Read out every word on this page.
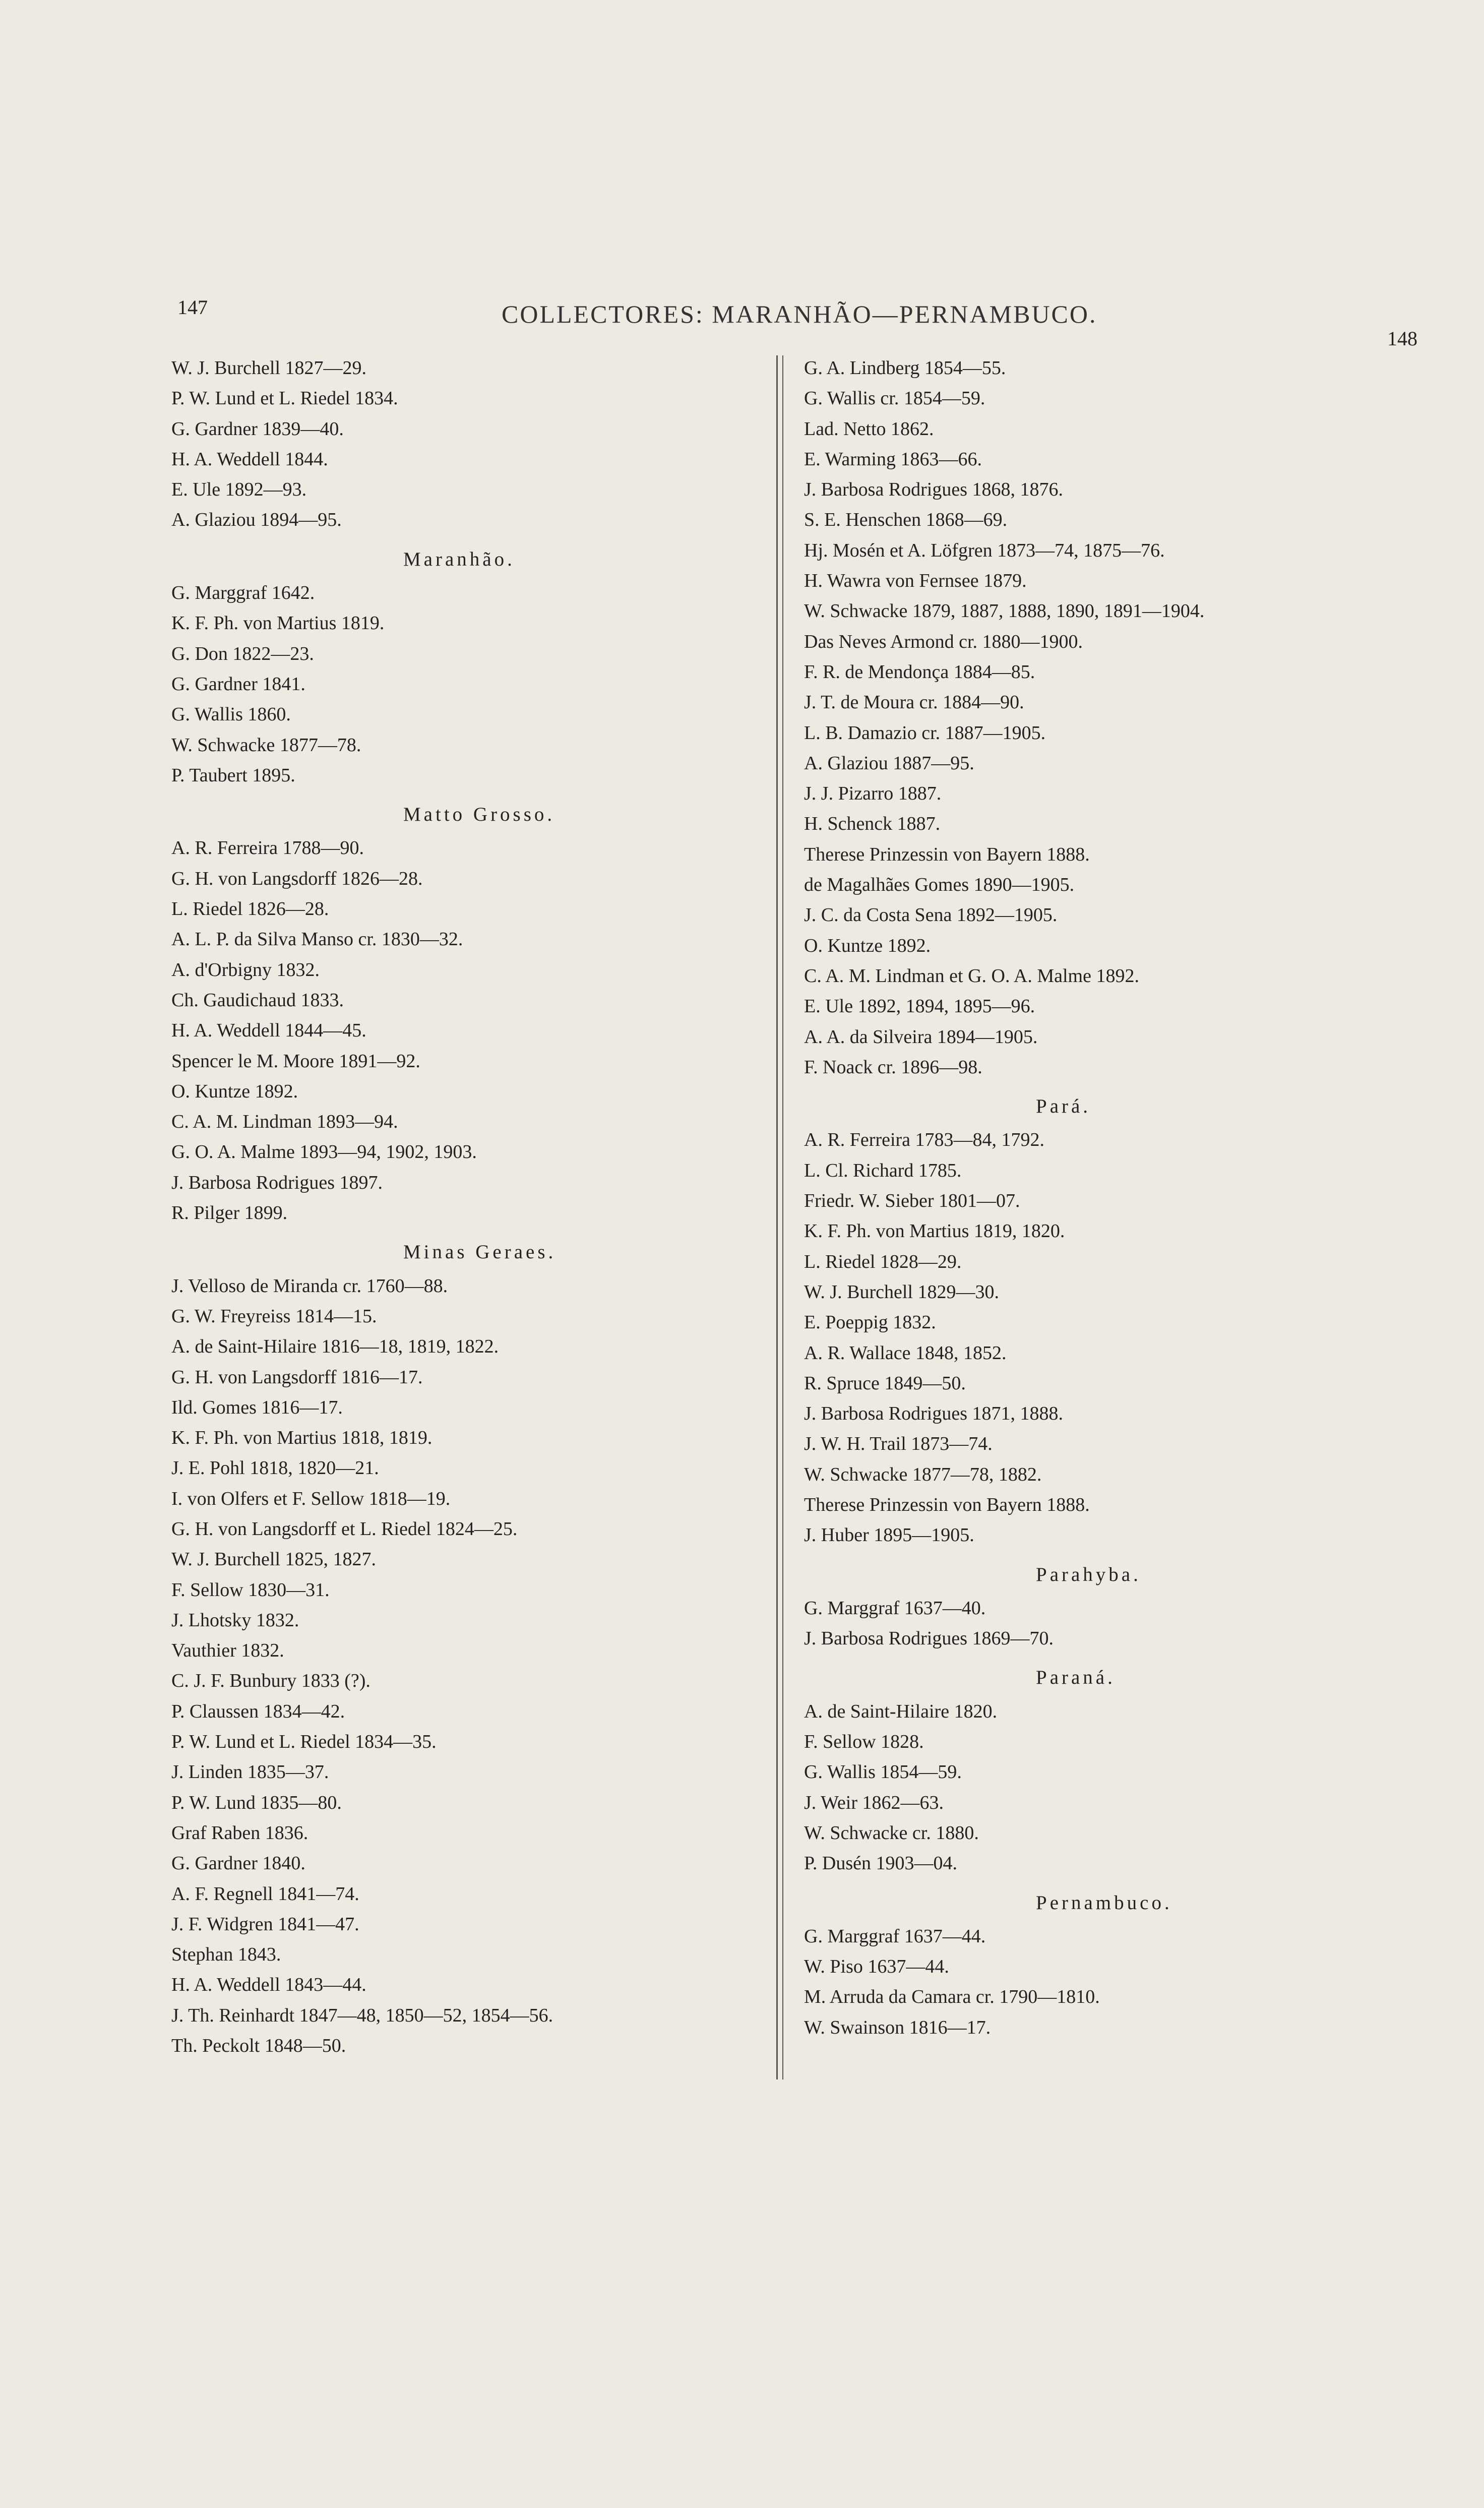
147	COLLECTORES: MARANHÃO—PERNAMBUCO.
148
W. J. Burchell 1827—29.
P. W. Lund et L. Riedel 1834.
G. Gardner 1839—40.
H. A. Weddell 1844.
E. Ule 1892—93.
A. Glaziou 1894—95.
Maranhão.
G. Marggraf 1642.
K. F. Ph. von Martius 1819.
G. Don 1822—23.
G. Gardner 1841.
G. Wallis 1860.
W. Schwacke 1877—78.
P. Taubert 1895.
Matto Grosso.
A. R. Ferreira 1788—90.
G. H. von Langsdorff 1826—28.
L. Riedel 1826—28.
A. L. P. da Silva Manso cr. 1830—32.
A. d'Orbigny 1832.
Ch. Gaudichaud 1833.
H. A. Weddell 1844—45.
Spencer le M. Moore 1891—92.
O. Kuntze 1892.
C. A. M. Lindman 1893—94.
G. O. A. Malme 1893—94, 1902, 1903.
J. Barbosa Rodrigues 1897.
R. Pilger 1899.
Minas Geraes.
J. Velloso de Miranda cr. 1760—88.
G. W. Freyreiss 1814—15.
A. de Saint-Hilaire 1816—18, 1819, 1822.
G. H. von Langsdorff 1816—17.
Ild. Gomes 1816—17.
K. F. Ph. von Martius 1818, 1819.
J. E. Pohl 1818, 1820—21.
I. von Olfers et F. Sellow 1818—19.
G. H. von Langsdorff et L. Riedel 1824—25.
W. J. Burchell 1825, 1827.
F. Sellow 1830—31.
J. Lhotsky 1832.
Vauthier 1832.
C. J. F. Bunbury 1833 (?).
P. Claussen 1834—42.
P. W. Lund et L. Riedel 1834—35.
J. Linden 1835—37.
P. W. Lund 1835—80.
Graf Raben 1836.
G. Gardner 1840.
A. F. Regnell 1841—74.
J. F. Widgren 1841—47.
Stephan 1843.
H. A. Weddell 1843—44.
J. Th. Reinhardt 1847—48, 1850—52, 1854—56.
Th. Peckolt 1848—50.
G. A. Lindberg 1854—55.
G. Wallis cr. 1854—59.
Lad. Netto 1862.
E. Warming 1863—66.
J. Barbosa Rodrigues 1868, 1876.
S. E. Henschen 1868—69.
Hj. Mosén et A. Löfgren 1873—74, 1875—76.
H. Wawra von Fernsee 1879.
W. Schwacke 1879, 1887, 1888, 1890, 1891—1904.
Das Neves Armond cr. 1880—1900.
F. R. de Mendonça 1884—85.
J. T. de Moura cr. 1884—90.
L. B. Damazio cr. 1887—1905.
A. Glaziou 1887—95.
J. J. Pizarro 1887.
H. Schenck 1887.
Therese Prinzessin von Bayern 1888.
de Magalhães Gomes 1890—1905.
J. C. da Costa Sena 1892—1905.
O. Kuntze 1892.
C. A. M. Lindman et G. O. A. Malme 1892.
E. Ule 1892, 1894, 1895—96.
A. A. da Silveira 1894—1905.
F. Noack cr. 1896—98.
Pará.
A. R. Ferreira 1783—84, 1792.
L. Cl. Richard 1785.
Friedr. W. Sieber 1801—07.
K. F. Ph. von Martius 1819, 1820.
L. Riedel 1828—29.
W. J. Burchell 1829—30.
E. Poeppig 1832.
A. R. Wallace 1848, 1852.
R. Spruce 1849—50.
J. Barbosa Rodrigues 1871, 1888.
J. W. H. Trail 1873—74.
W. Schwacke 1877—78, 1882.
Therese Prinzessin von Bayern 1888.
J. Huber 1895—1905.
Parahyba.
G. Marggraf 1637—40.
J. Barbosa Rodrigues 1869—70.
Paraná.
A. de Saint-Hilaire 1820.
F. Sellow 1828.
G. Wallis 1854—59.
J. Weir 1862—63.
W. Schwacke cr. 1880.
P. Dusén 1903—04.
Pernambuco.
G. Marggraf 1637—44.
W. Piso 1637—44.
M. Arruda da Camara cr. 1790—1810.
W. Swainson 1816—17.
